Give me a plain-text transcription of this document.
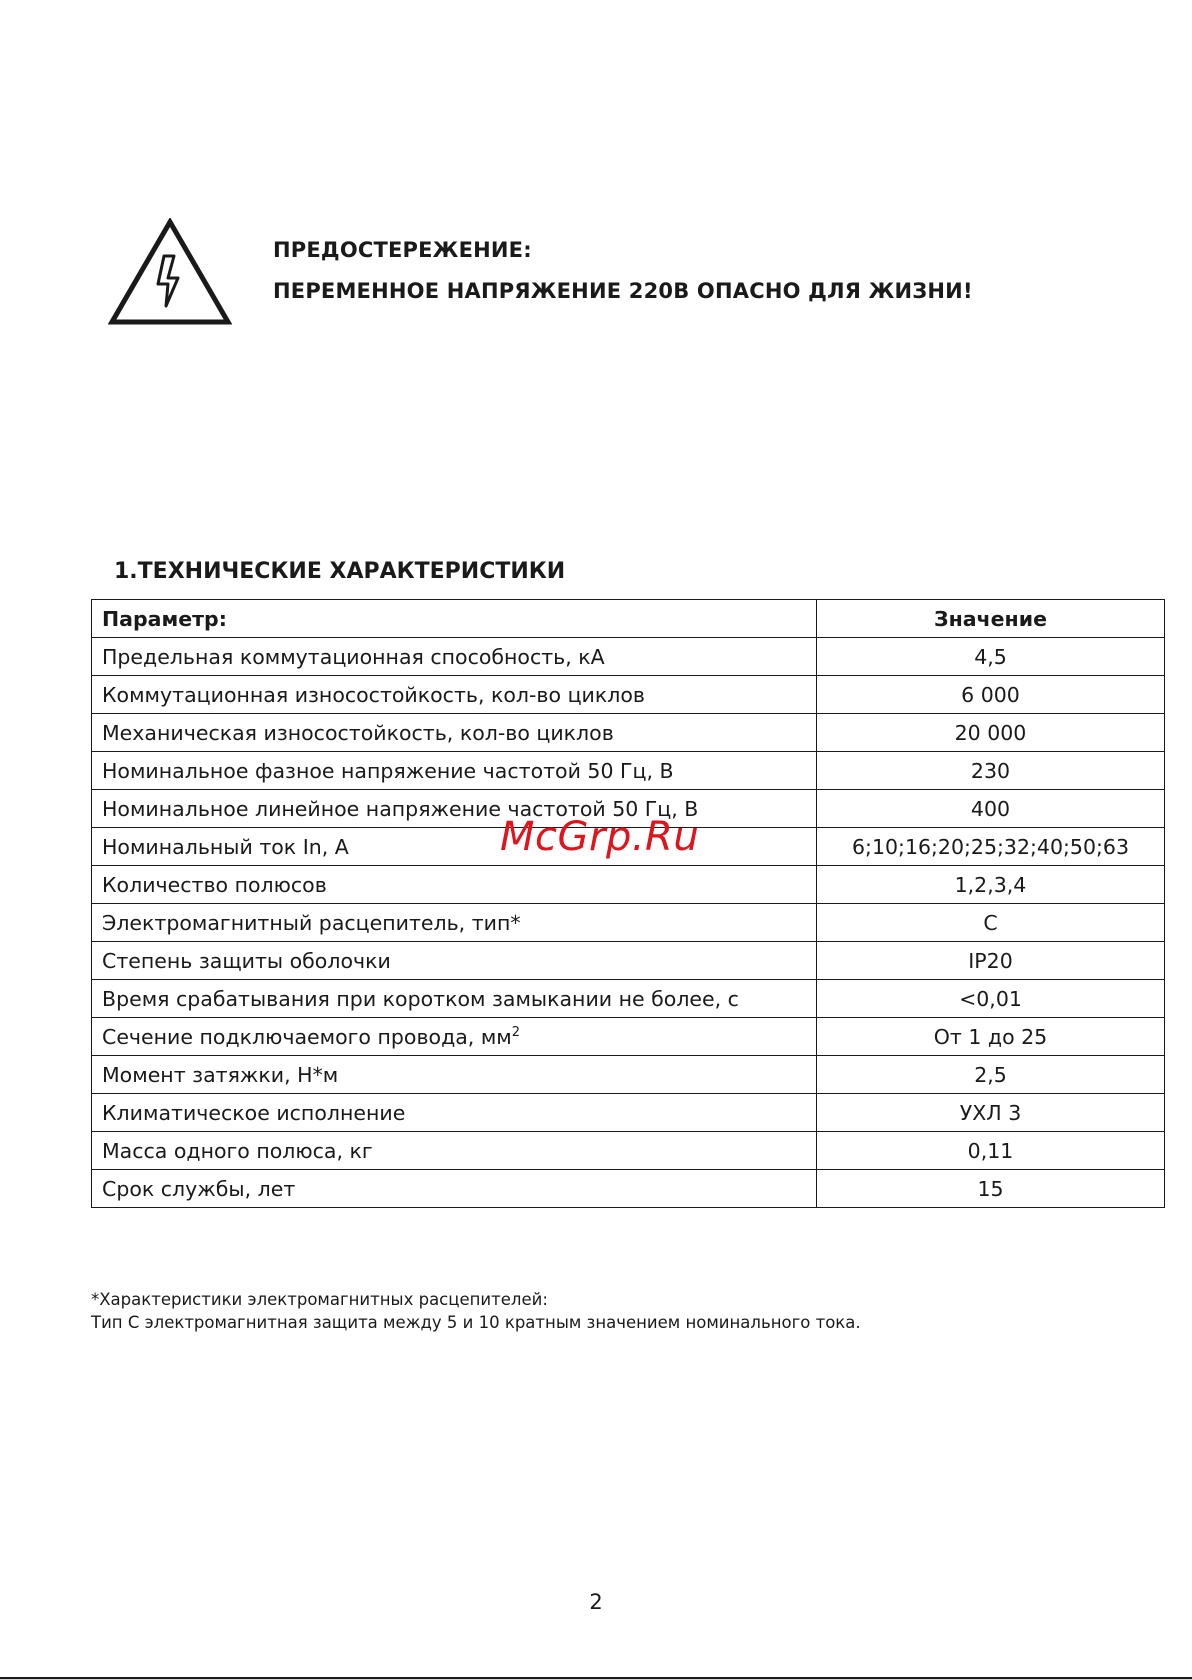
ПРЕДОСТЕРЕЖЕНИЕ:
ПЕРЕМЕННОЕ НАПРЯЖЕНИЕ 220В ОПАСНО ДЛЯ ЖИЗНИ!
1.ТЕХНИЧЕСКИЕ ХАРАКТЕРИСТИКИ
Параметр:	Значение
Предельная коммутационная способность, кА	4,5
Коммутационная износостойкость, кол-во циклов	6 000
Механическая износостойкость, кол-во циклов	20 000
Номинальное фазное напряжение частотой 50 Гц, В	230
Номинальное линейное напряжение частотой 50 Гц, В	400
Номинальный ток In, А	6;10;16;20;25;32;40;50;63
Количество полюсов	1,2,3,4
Электромагнитный расцепитель, тип*	C
Степень защиты оболочки	IP20
Время срабатывания при коротком замыкании не более, с	<0,01
Сечение подключаемого провода, $мм^2$	От 1 до 25
Момент затяжки, Н*м	2,5
Климатическое исполнение	УХЛ 3
Масса одного полюса, кг	0,11
Срок службы, лет	15
*Характеристики электромагнитных расцепителей:
Тип С электромагнитная защита между 5 и 10 кратным значением номинального тока.
McGrp.Ru
2
